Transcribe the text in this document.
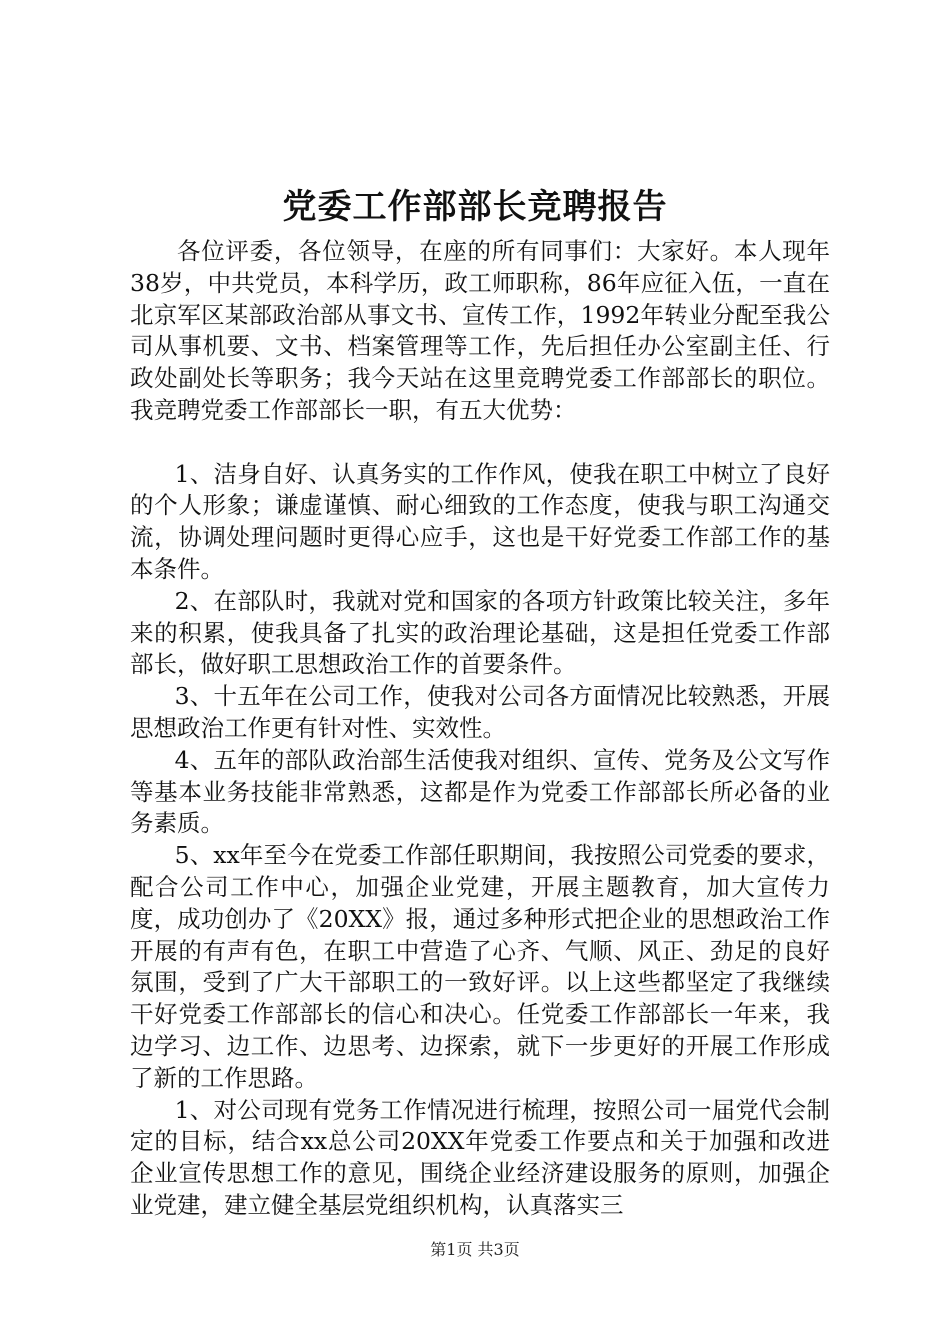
党委工作部部长竞聘报告

各位评委，各位领导，在座的所有同事们：大家好。本人现年38岁，中共党员，本科学历，政工师职称，86年应征入伍，一直在北京军区某部政治部从事文书、宣传工作，1992年转业分配至我公司从事机要、文书、档案管理等工作，先后担任办公室副主任、行政处副处长等职务；我今天站在这里竞聘党委工作部部长的职位。我竞聘党委工作部部长一职，有五大优势：

1、洁身自好、认真务实的工作作风，使我在职工中树立了良好的个人形象；谦虚谨慎、耐心细致的工作态度，使我与职工沟通交流，协调处理问题时更得心应手，这也是干好党委工作部工作的基本条件。

2、在部队时，我就对党和国家的各项方针政策比较关注，多年来的积累，使我具备了扎实的政治理论基础，这是担任党委工作部部长，做好职工思想政治工作的首要条件。

3、十五年在公司工作，使我对公司各方面情况比较熟悉，开展思想政治工作更有针对性、实效性。

4、五年的部队政治部生活使我对组织、宣传、党务及公文写作等基本业务技能非常熟悉，这都是作为党委工作部部长所必备的业务素质。

5、xx年至今在党委工作部任职期间，我按照公司党委的要求，配合公司工作中心，加强企业党建，开展主题教育，加大宣传力度，成功创办了《20XX》报，通过多种形式把企业的思想政治工作开展的有声有色，在职工中营造了心齐、气顺、风正、劲足的良好氛围，受到了广大干部职工的一致好评。以上这些都坚定了我继续干好党委工作部部长的信心和决心。任党委工作部部长一年来，我边学习、边工作、边思考、边探索，就下一步更好的开展工作形成了新的工作思路。

1、对公司现有党务工作情况进行梳理，按照公司一届党代会制定的目标，结合xx总公司20XX年党委工作要点和关于加强和改进企业宣传思想工作的意见，围绕企业经济建设服务的原则，加强企业党建，建立健全基层党组织机构，认真落实三

第1页 共3页
